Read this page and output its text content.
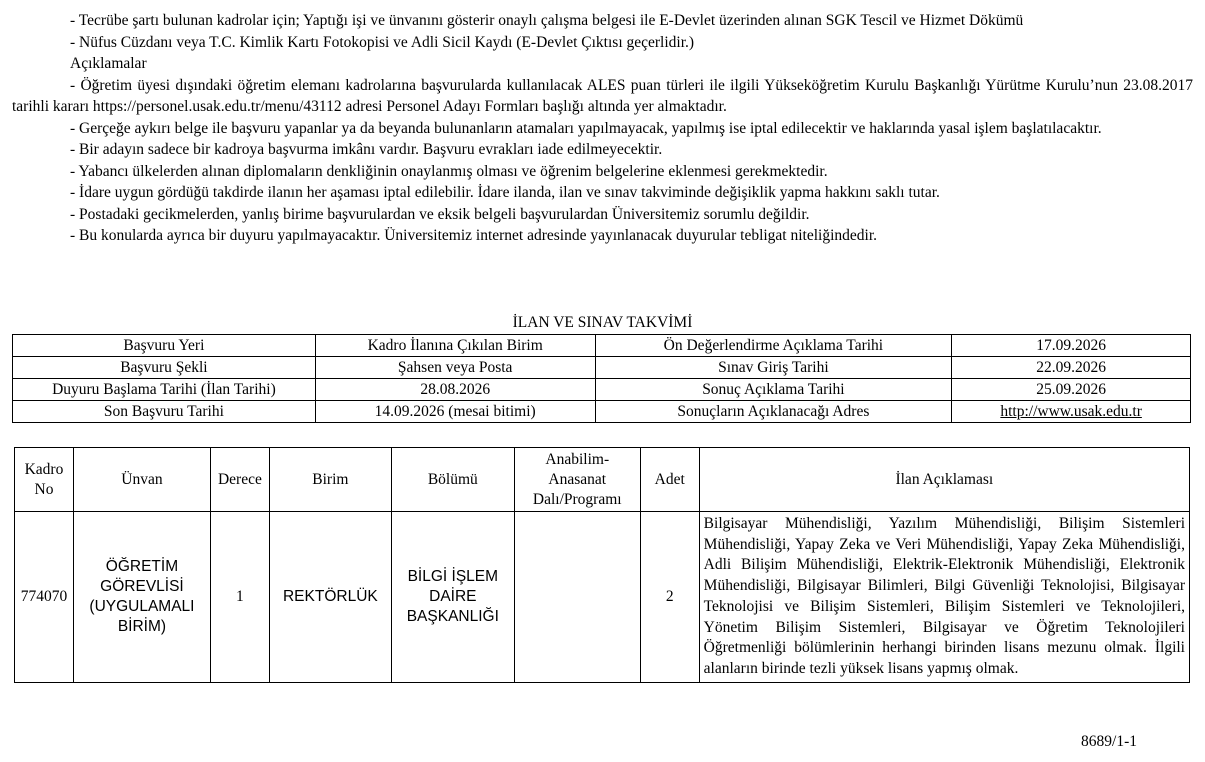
- Tecrübe şartı bulunan kadrolar için; Yaptığı işi ve ünvanını gösterir onaylı çalışma belgesi ile E-Devlet üzerinden alınan SGK Tescil ve Hizmet Dökümü

- Nüfus Cüzdanı veya T.C. Kimlik Kartı Fotokopisi ve Adli Sicil Kaydı (E-Devlet Çıktısı geçerlidir.)

Açıklamalar

- Öğretim üyesi dışındaki öğretim elemanı kadrolarına başvurularda kullanılacak ALES puan türleri ile ilgili Yükseköğretim Kurulu Başkanlığı Yürütme Kurulu’nun 23.08.2017 tarihli kararı https://personel.usak.edu.tr/menu/43112 adresi Personel Adayı Formları başlığı altında yer almaktadır.

- Gerçeğe aykırı belge ile başvuru yapanlar ya da beyanda bulunanların atamaları yapılmayacak, yapılmış ise iptal edilecektir ve haklarında yasal işlem başlatılacaktır.

- Bir adayın sadece bir kadroya başvurma imkânı vardır. Başvuru evrakları iade edilmeyecektir.

- Yabancı ülkelerden alınan diplomaların denkliğinin onaylanmış olması ve öğrenim belgelerine eklenmesi gerekmektedir.

- İdare uygun gördüğü takdirde ilanın her aşaması iptal edilebilir. İdare ilanda, ilan ve sınav takviminde değişiklik yapma hakkını saklı tutar.

- Postadaki gecikmelerden, yanlış birime başvurulardan ve eksik belgeli başvurulardan Üniversitemiz sorumlu değildir.

- Bu konularda ayrıca bir duyuru yapılmayacaktır. Üniversitemiz internet adresinde yayınlanacak duyurular tebligat niteliğindedir.

İLAN VE SINAV TAKVİMİ
Başvuru Yeri	Kadro İlanına Çıkılan Birim	Ön Değerlendirme Açıklama Tarihi	17.09.2026
Başvuru Şekli	Şahsen veya Posta	Sınav Giriş Tarihi	22.09.2026
Duyuru Başlama Tarihi (İlan Tarihi)	28.08.2026	Sonuç Açıklama Tarihi	25.09.2026
Son Başvuru Tarihi	14.09.2026 (mesai bitimi)	Sonuçların Açıklanacağı Adres	http://www.usak.edu.tr
Kadro No	Ünvan	Derece	Birim	Bölümü	Anabilim-Anasanat Dalı/Programı	Adet	İlan Açıklaması
774070	ÖĞRETİM GÖREVLİSİ (UYGULAMALI BİRİM)	1	REKTÖRLÜK	BİLGİ İŞLEM DAİRE BAŞKANLIĞI		2	Bilgisayar Mühendisliği, Yazılım Mühendisliği, Bilişim Sistemleri Mühendisliği, Yapay Zeka ve Veri Mühendisliği, Yapay Zeka Mühendisliği, Adli Bilişim Mühendisliği, Elektrik-Elektronik Mühendisliği, Elektronik Mühendisliği, Bilgisayar Bilimleri, Bilgi Güvenliği Teknolojisi, Bilgisayar Teknolojisi ve Bilişim Sistemleri, Bilişim Sistemleri ve Teknolojileri, Yönetim Bilişim Sistemleri, Bilgisayar ve Öğretim Teknolojileri Öğretmenliği bölümlerinin herhangi birinden lisans mezunu olmak. İlgili alanların birinde tezli yüksek lisans yapmış olmak.
8689/1-1
